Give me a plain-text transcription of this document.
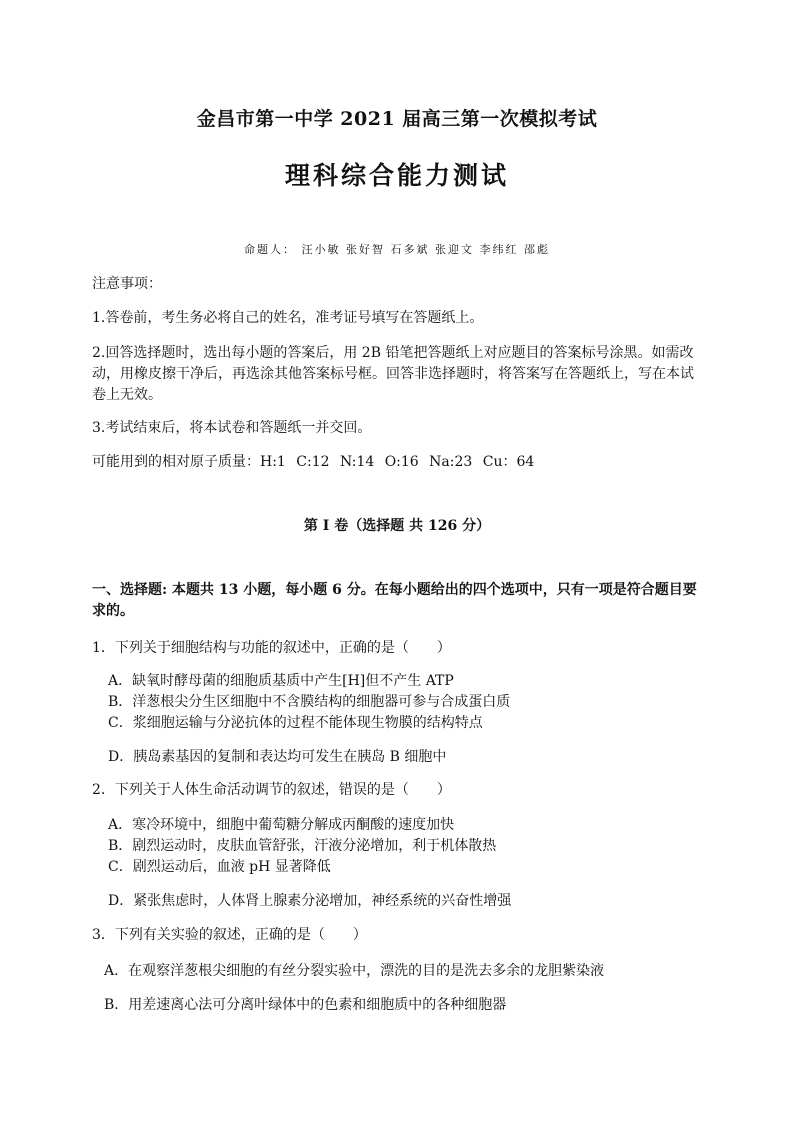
金昌市第一中学 2021 届高三第一次模拟考试
理科综合能力测试
命题人： 汪小敏 张好智 石多斌 张迎文 李纬红 邵彪
注意事项：
1.答卷前，考生务必将自己的姓名，准考证号填写在答题纸上。
2.回答选择题时，选出每小题的答案后，用 2B 铅笔把答题纸上对应题目的答案标号涂黑。如需改动，用橡皮擦干净后，再选涂其他答案标号框。回答非选择题时，将答案写在答题纸上，写在本试卷上无效。
3.考试结束后，将本试卷和答题纸一并交回。
可能用到的相对原子质量：H:1 C:12 N:14 O:16 Na:23 Cu：64
第 I 卷（选择题 共 126 分）
一、选择题: 本题共 13 小题，每小题 6 分。在每小题给出的四个选项中，只有一项是符合题目要求的。
1．下列关于细胞结构与功能的叙述中，正确的是（　　）
A．缺氧时酵母菌的细胞质基质中产生[H]但不产生 ATP
B．洋葱根尖分生区细胞中不含膜结构的细胞器可参与合成蛋白质
C．浆细胞运输与分泌抗体的过程不能体现生物膜的结构特点
D．胰岛素基因的复制和表达均可发生在胰岛 B 细胞中
2．下列关于人体生命活动调节的叙述，错误的是（　　）
A．寒冷环境中，细胞中葡萄糖分解成丙酮酸的速度加快
B．剧烈运动时，皮肤血管舒张，汗液分泌增加，利于机体散热
C．剧烈运动后，血液 pH 显著降低
D．紧张焦虑时，人体肾上腺素分泌增加，神经系统的兴奋性增强
3．下列有关实验的叙述，正确的是（　　）
A．在观察洋葱根尖细胞的有丝分裂实验中，漂洗的目的是洗去多余的龙胆紫染液
B．用差速离心法可分离叶绿体中的色素和细胞质中的各种细胞器
